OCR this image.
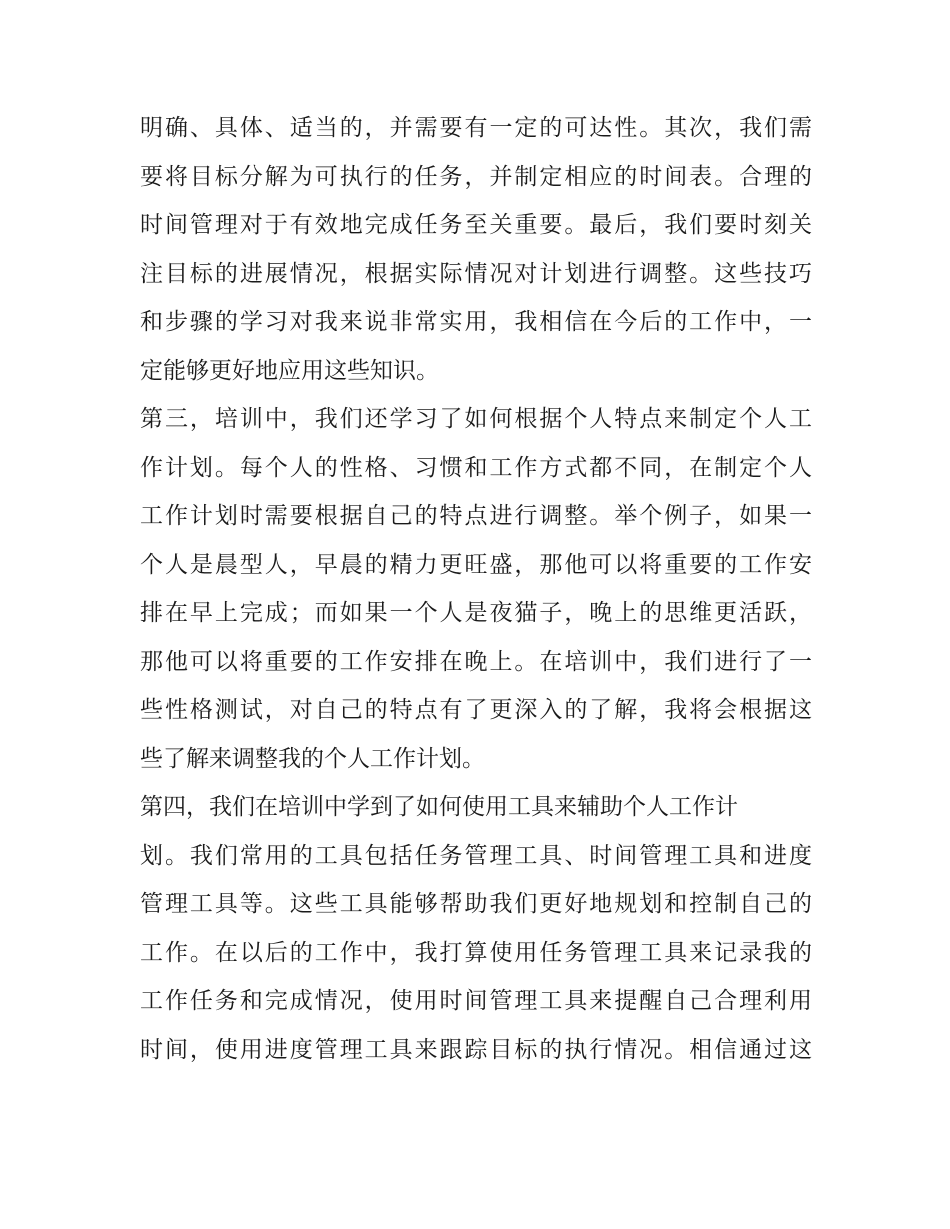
明确、具体、适当的，并需要有一定的可达性。其次，我们需
要将目标分解为可执行的任务，并制定相应的时间表。合理的
时间管理对于有效地完成任务至关重要。最后，我们要时刻关
注目标的进展情况，根据实际情况对计划进行调整。这些技巧
和步骤的学习对我来说非常实用，我相信在今后的工作中，一
定能够更好地应用这些知识。
第三，培训中，我们还学习了如何根据个人特点来制定个人工
作计划。每个人的性格、习惯和工作方式都不同，在制定个人
工作计划时需要根据自己的特点进行调整。举个例子，如果一
个人是晨型人，早晨的精力更旺盛，那他可以将重要的工作安
排在早上完成；而如果一个人是夜猫子，晚上的思维更活跃，
那他可以将重要的工作安排在晚上。在培训中，我们进行了一
些性格测试，对自己的特点有了更深入的了解，我将会根据这
些了解来调整我的个人工作计划。
第四，我们在培训中学到了如何使用工具来辅助个人工作计
划。我们常用的工具包括任务管理工具、时间管理工具和进度
管理工具等。这些工具能够帮助我们更好地规划和控制自己的
工作。在以后的工作中，我打算使用任务管理工具来记录我的
工作任务和完成情况，使用时间管理工具来提醒自己合理利用
时间，使用进度管理工具来跟踪目标的执行情况。相信通过这
